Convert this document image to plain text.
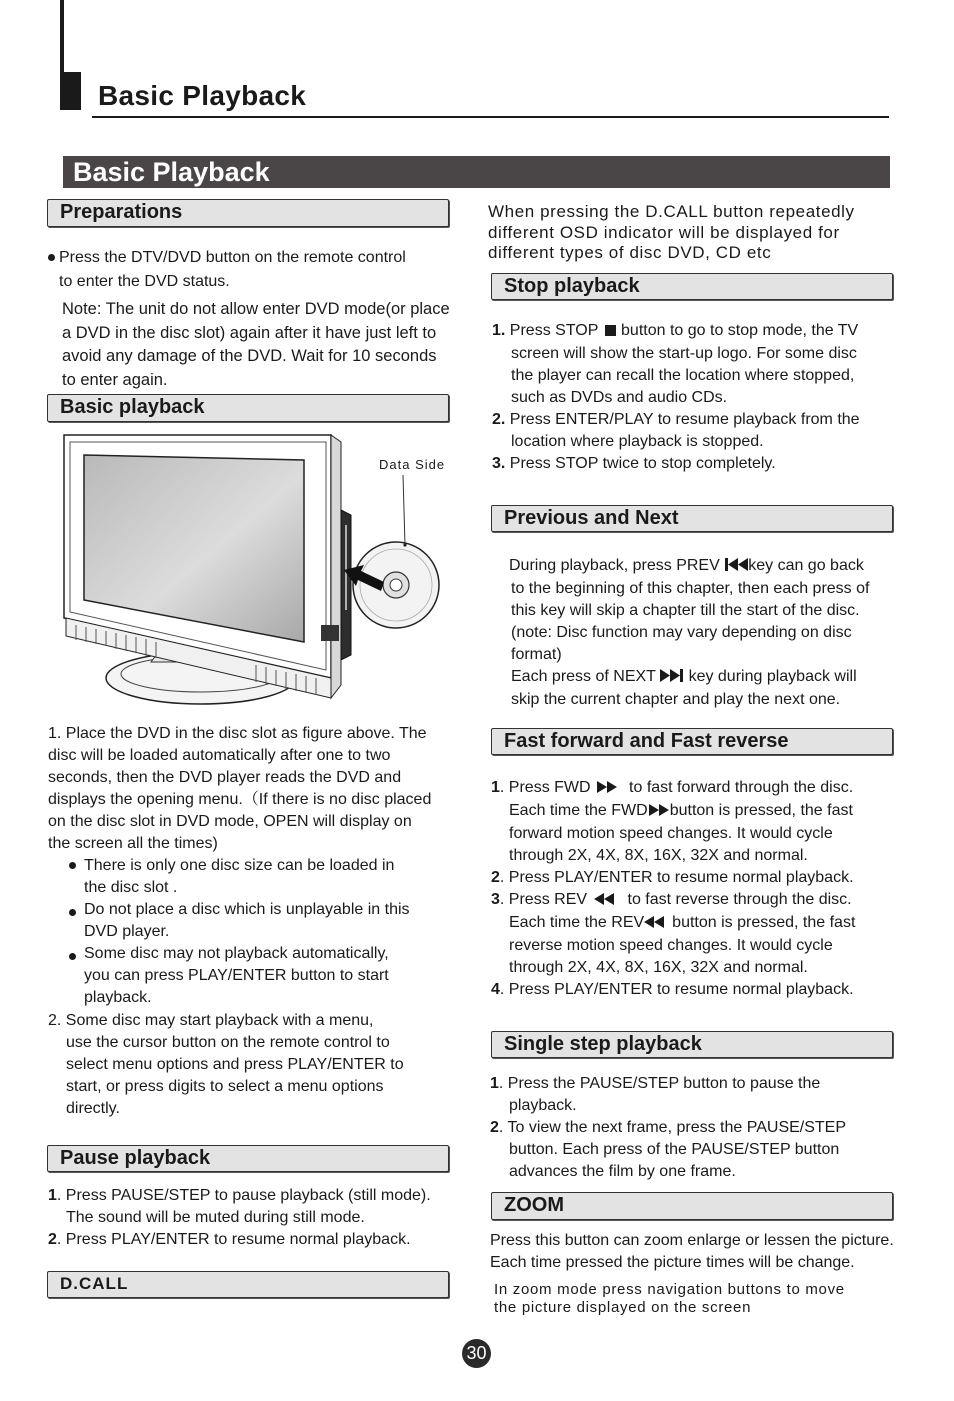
Basic Playback
Basic Playback
Preparations
Press the DTV/DVD button on the remote control
to enter the DVD status.
Note: The unit do not allow enter DVD mode(or place
a DVD in the disc slot) again after it have just left to
avoid any damage of the DVD. Wait for 10 seconds
to enter again.
Basic playback
Data Side
1. Place the DVD in the disc slot as figure above. The
disc will be loaded automatically after one to two
seconds, then the DVD player reads the DVD and
displays the opening menu.（If there is no disc placed
on the disc slot in DVD mode, OPEN will display on
the screen all the times)
There is only one disc size can be loaded in
the disc slot .
Do not place a disc which is unplayable in this
DVD player.
Some disc may not playback automatically,
you can press PLAY/ENTER button to start
playback.
2. Some disc may start playback with a menu,
use the cursor button on the remote control to
select menu options and press PLAY/ENTER to
start, or press digits to select a menu options
directly.
Pause playback
1. Press PAUSE/STEP to pause playback (still mode).
The sound will be muted during still mode.
2. Press PLAY/ENTER to resume normal playback.
D.CALL
When pressing the D.CALL button repeatedly
different OSD indicator will be displayed for
different types of disc DVD, CD etc
Stop playback
1. Press STOP button to go to stop mode, the TV
screen will show the start-up logo. For some disc
the player can recall the location where stopped,
such as DVDs and audio CDs.
2. Press ENTER/PLAY to resume playback from the
location where playback is stopped.
3. Press STOP twice to stop completely.
Previous and Next
During playback, press PREV key can go back
to the beginning of this chapter, then each press of
this key will skip a chapter till the start of the disc.
(note: Disc function may vary depending on disc
format)
Each press of NEXT key during playback will
skip the current chapter and play the next one.
Fast forward and Fast reverse
1. Press FWD to fast forward through the disc.
Each time the FWD button is pressed, the fast
forward motion speed changes. It would cycle
through 2X, 4X, 8X, 16X, 32X and normal.
2. Press PLAY/ENTER to resume normal playback.
3. Press REV	to fast reverse through the disc.
Each time the REV button is pressed, the fast
reverse motion speed changes. It would cycle
through 2X, 4X, 8X, 16X, 32X and normal.
4. Press PLAY/ENTER to resume normal playback.
Single step playback
1. Press the PAUSE/STEP button to pause the
playback.
2. To view the next frame, press the PAUSE/STEP
button. Each press of the PAUSE/STEP button
advances the film by one frame.
ZOOM
Press this button can zoom enlarge or lessen the picture.
Each time pressed the picture times will be change.
In zoom mode press navigation buttons to move
the picture displayed on the screen
30
